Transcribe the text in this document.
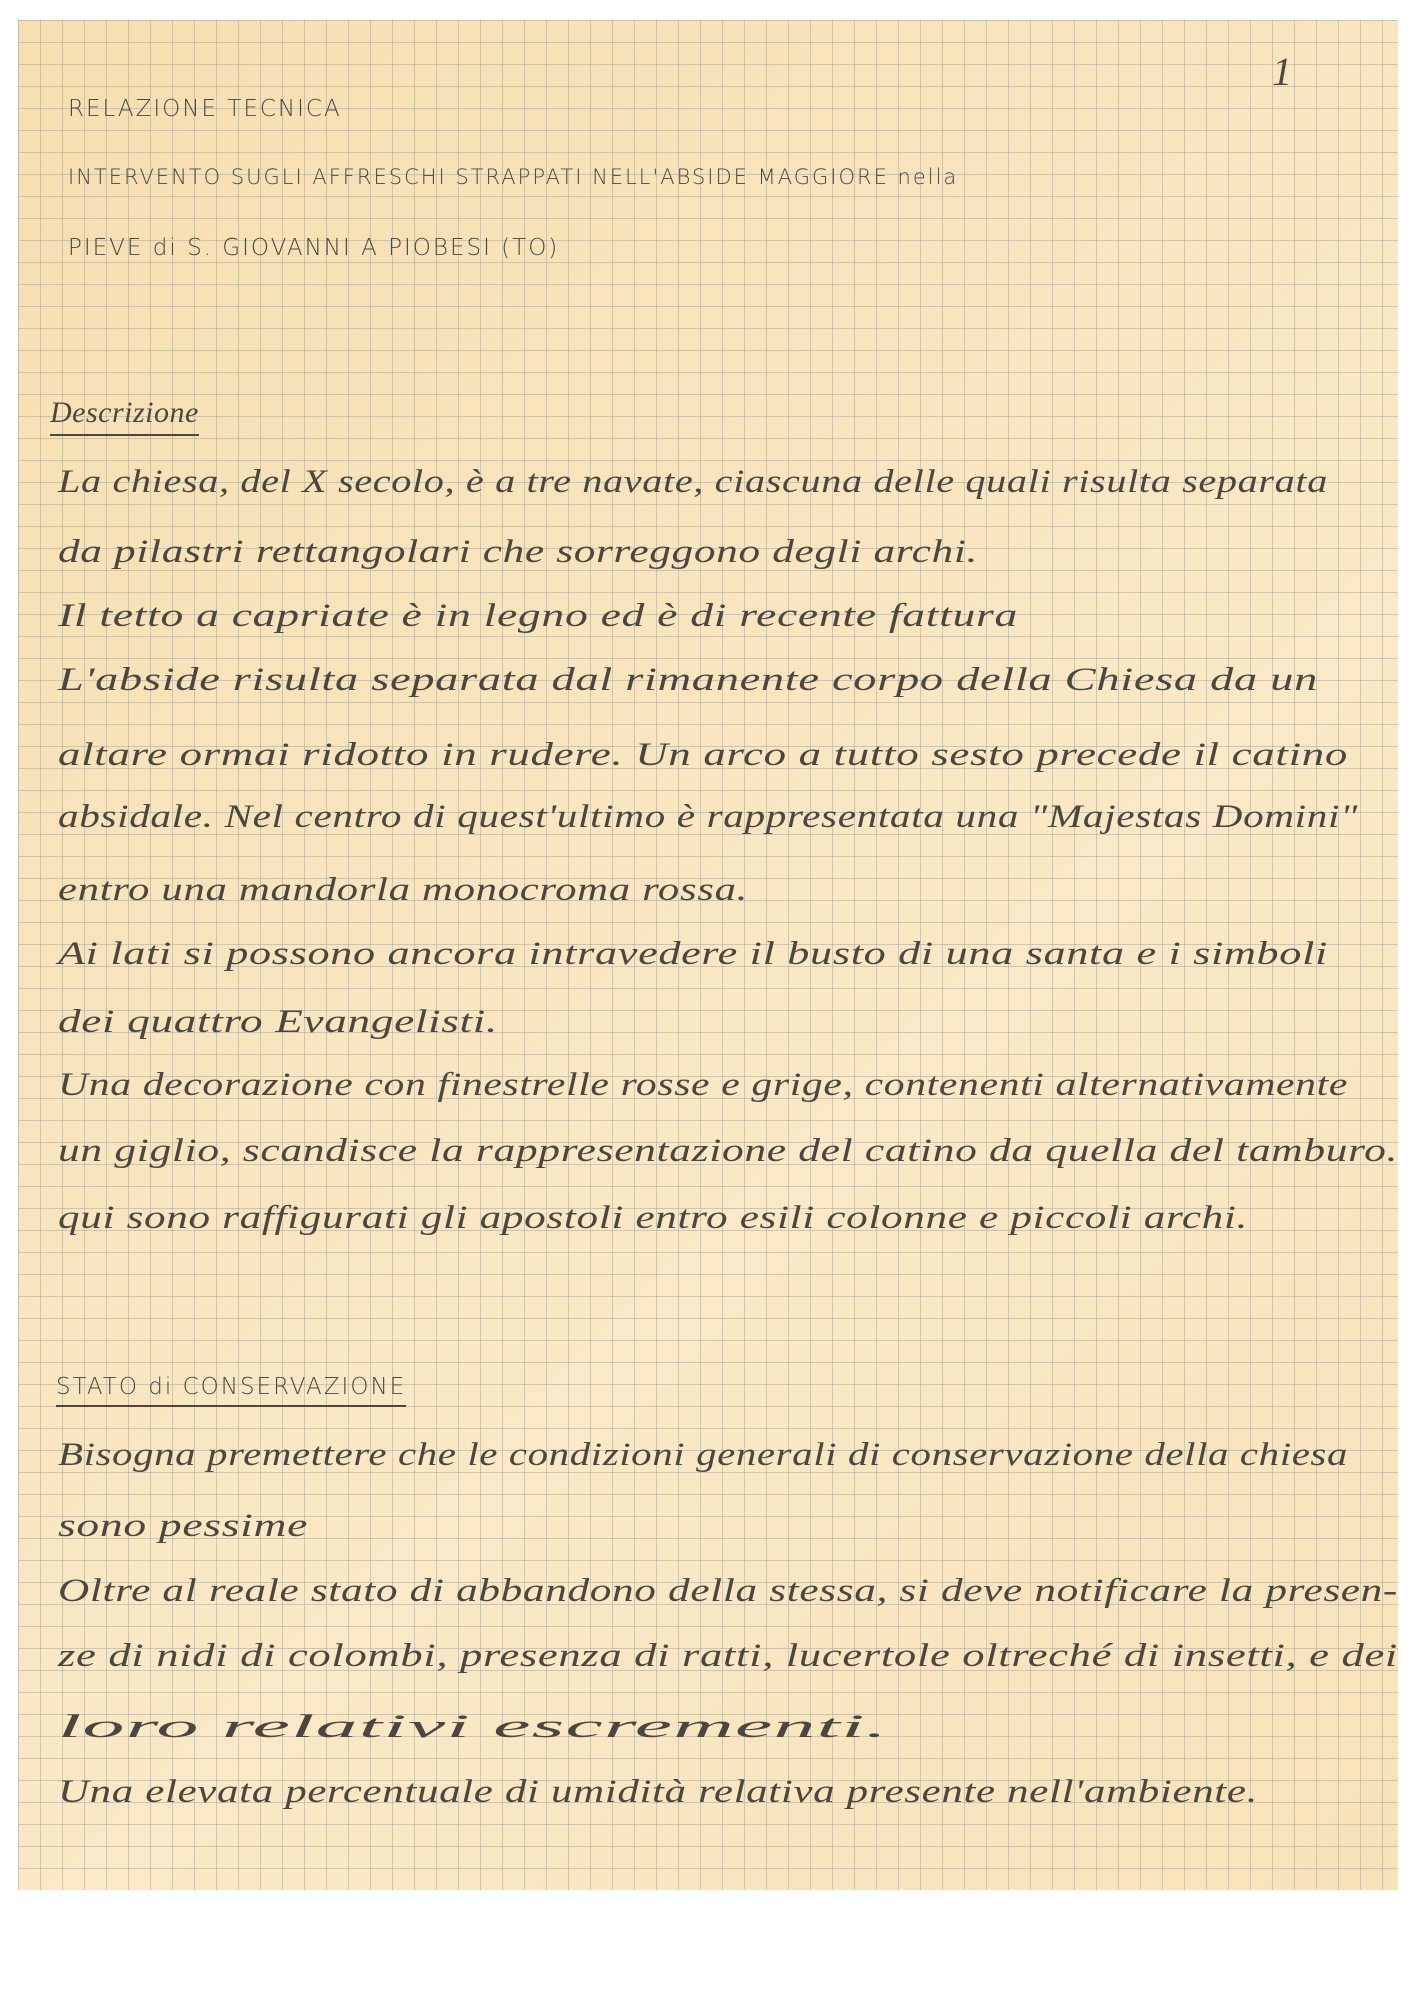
1
RELAZIONE TECNICA
INTERVENTO SUGLI AFFRESCHI STRAPPATI NELL'ABSIDE MAGGIORE nella
PIEVE di S. GIOVANNI A PIOBESI (TO)
Descrizione
La chiesa, del X secolo, è a tre navate, ciascuna delle quali risulta separata
da pilastri rettangolari che sorreggono degli archi.
Il tetto a capriate è in legno ed è di recente fattura
L'abside risulta separata dal rimanente corpo della Chiesa da un
altare ormai ridotto in rudere. Un arco a tutto sesto precede il catino
absidale. Nel centro di quest'ultimo è rappresentata una "Majestas Domini"
entro una mandorla monocroma rossa.
Ai lati si possono ancora intravedere il busto di una santa e i simboli
dei quattro Evangelisti.
Una decorazione con finestrelle rosse e grige, contenenti alternativamente
un giglio, scandisce la rappresentazione del catino da quella del tamburo.
qui sono raffigurati gli apostoli entro esili colonne e piccoli archi.
STATO di CONSERVAZIONE
Bisogna premettere che le condizioni generali di conservazione della chiesa
sono pessime
Oltre al reale stato di abbandono della stessa, si deve notificare la presen-
ze di nidi di colombi, presenza di ratti, lucertole oltreché di insetti, e dei
loro relativi escrementi.
Una elevata percentuale di umidità relativa presente nell'ambiente.
